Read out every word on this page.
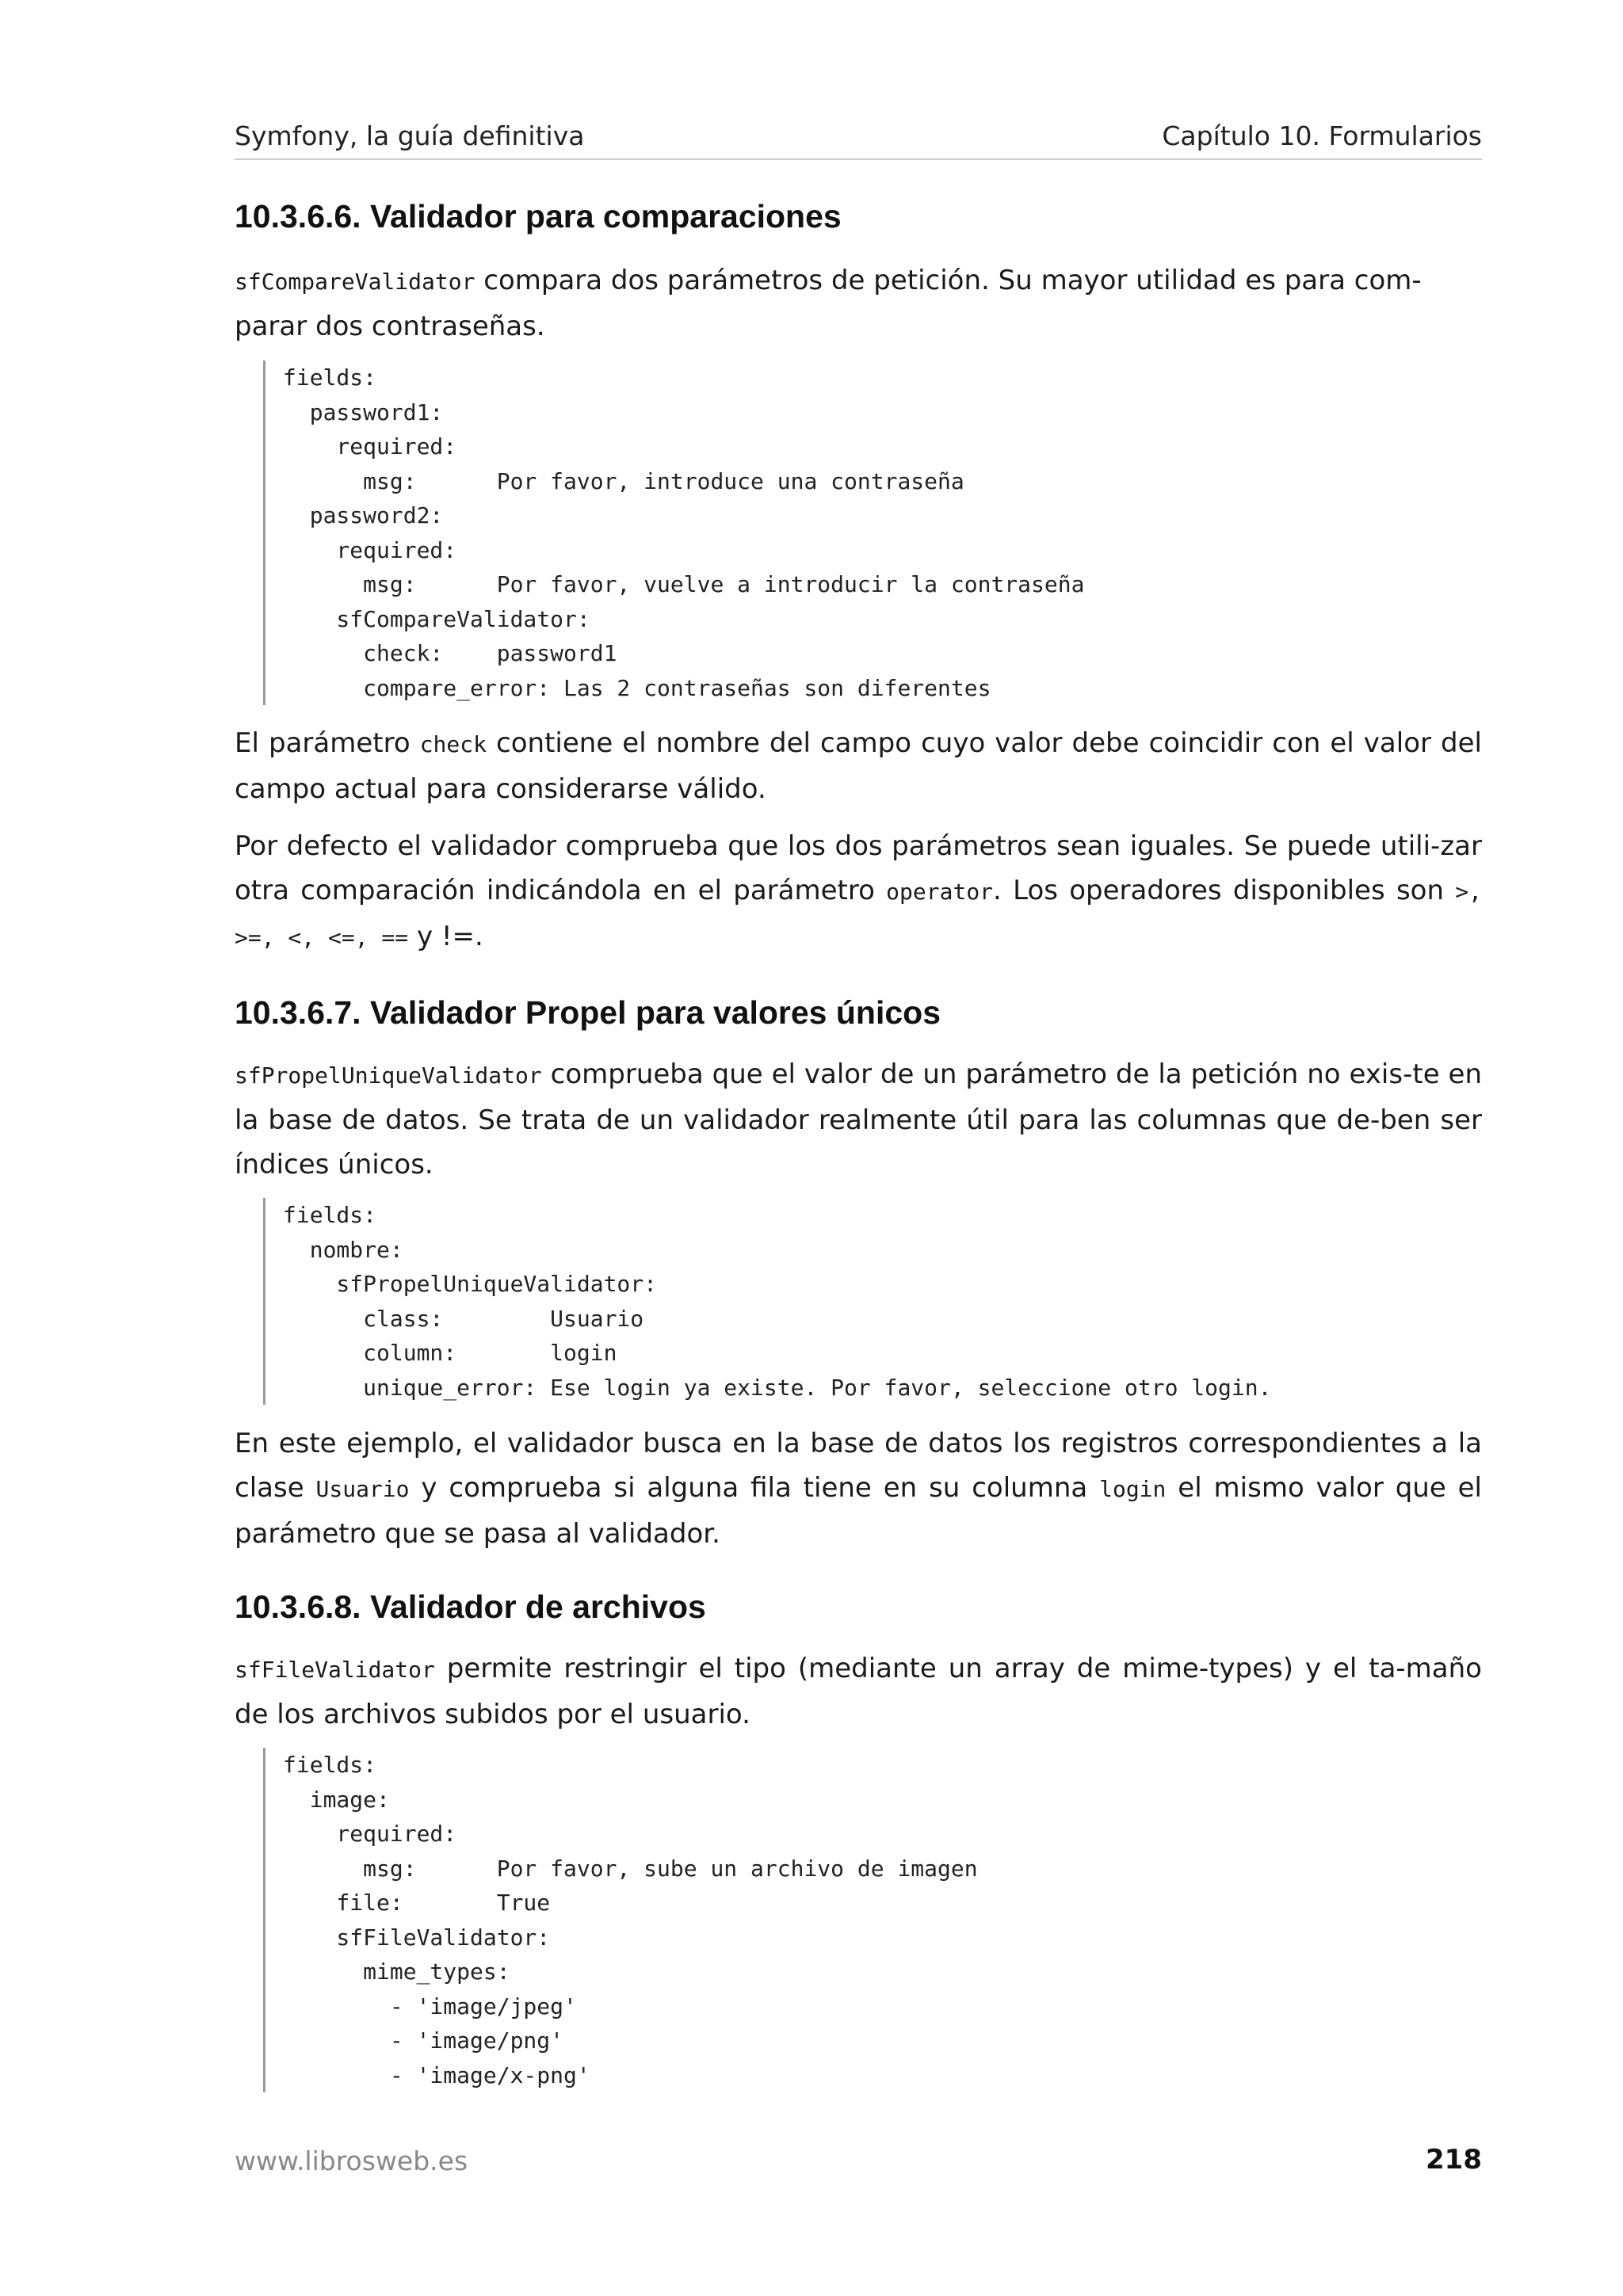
Symfony, la guía definitiva	Capítulo 10. Formularios
10.3.6.6. Validador para comparaciones

sfCompareValidator compara dos parámetros de petición. Su mayor utilidad es para com-
parar dos contraseñas.

fields:
password1:
required:
msg:      Por favor, introduce una contraseña
password2:
required:
msg:      Por favor, vuelve a introducir la contraseña
sfCompareValidator:
check:    password1
compare_error: Las 2 contraseñas son diferentes

El parámetro check contiene el nombre del campo cuyo valor debe coincidir con el valor del campo actual para considerarse válido.

Por defecto el validador comprueba que los dos parámetros sean iguales. Se puede utili-zar otra comparación indicándola en el parámetro operator. Los operadores disponibles son >, >=, <, <=, == y !=.

10.3.6.7. Validador Propel para valores únicos

sfPropelUniqueValidator comprueba que el valor de un parámetro de la petición no exis-te en la base de datos. Se trata de un validador realmente útil para las columnas que de-ben ser índices únicos.

fields:
nombre:
sfPropelUniqueValidator:
class:        Usuario
column:       login
unique_error: Ese login ya existe. Por favor, seleccione otro login.

En este ejemplo, el validador busca en la base de datos los registros correspondientes a la clase Usuario y comprueba si alguna fila tiene en su columna login el mismo valor que el parámetro que se pasa al validador.

10.3.6.8. Validador de archivos

sfFileValidator permite restringir el tipo (mediante un array de mime-types) y el ta-maño de los archivos subidos por el usuario.

fields:
image:
required:
msg:      Por favor, sube un archivo de imagen
file:       True
sfFileValidator:
mime_types:
- 'image/jpeg'
- 'image/png'
- 'image/x-png'
www.librosweb.es	218
